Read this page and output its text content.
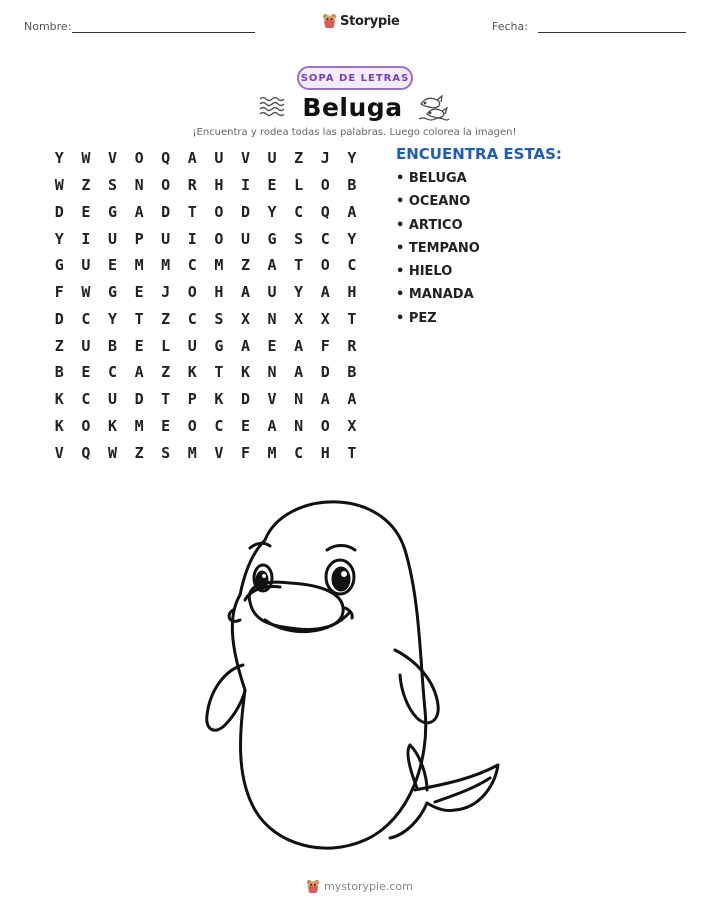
Nombre:	Storypie	Fecha:
SOPA DE LETRAS
Beluga
¡Encuentra y rodea todas las palabras. Luego colorea la imagen!
Y	W	V	O	Q	A	U	V	U	Z	J	Y
W	Z	S	N	O	R	H	I	E	L	O	B
D	E	G	A	D	T	O	D	Y	C	Q	A
Y	I	U	P	U	I	O	U	G	S	C	Y
G	U	E	M	M	C	M	Z	A	T	O	C
F	W	G	E	J	O	H	A	U	Y	A	H
D	C	Y	T	Z	C	S	X	N	X	X	T
Z	U	B	E	L	U	G	A	E	A	F	R
B	E	C	A	Z	K	T	K	N	A	D	B
K	C	U	D	T	P	K	D	V	N	A	A
K	O	K	M	E	O	C	E	A	N	O	X
V	Q	W	Z	S	M	V	F	M	C	H	T
ENCUENTRA ESTAS:
• BELUGA
• OCEANO
• ARTICO
• TEMPANO
• HIELO
• MANADA
• PEZ
mystorypie.com
